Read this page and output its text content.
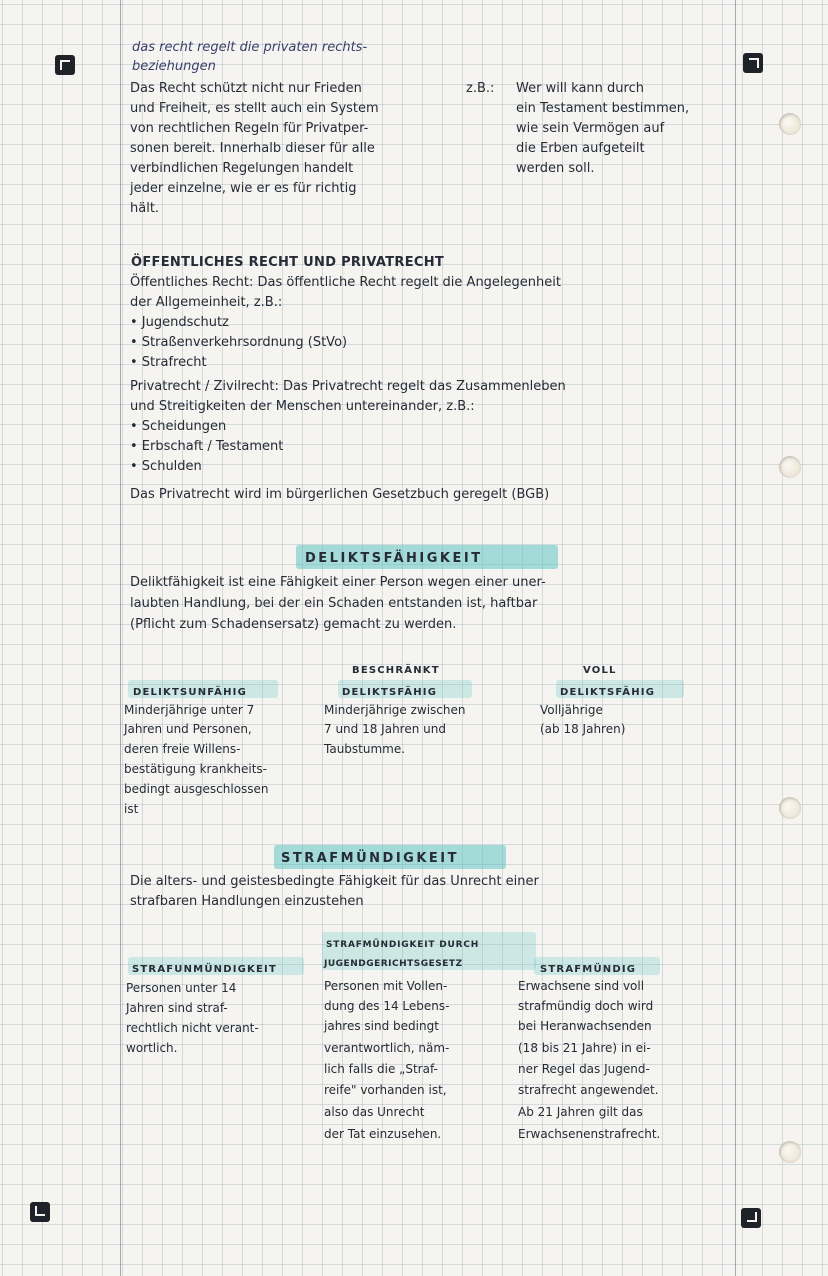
das recht regelt die privaten rechts-
beziehungen
Das Recht schützt nicht nur Frieden
und Freiheit, es stellt auch ein System
von rechtlichen Regeln für Privatper-
sonen bereit. Innerhalb dieser für alle
verbindlichen Regelungen handelt
jeder einzelne, wie er es für richtig
hält.
z.B.: Wer will kann durch
ein Testament bestimmen,
wie sein Vermögen auf
die Erben aufgeteilt
werden soll.
ÖFFENTLICHES RECHT UND PRIVATRECHT
Öffentliches Recht: Das öffentliche Recht regelt die Angelegenheit
der Allgemeinheit, z.B.:
• Jugendschutz
• Straßenverkehrsordnung (StVo)
• Strafrecht
Privatrecht / Zivilrecht: Das Privatrecht regelt das Zusammenleben
und Streitigkeiten der Menschen untereinander, z.B.:
• Scheidungen
• Erbschaft / Testament
• Schulden
Das Privatrecht wird im bürgerlichen Gesetzbuch geregelt (BGB)
DELIKTSFÄHIGKEIT
Deliktfähigkeit ist eine Fähigkeit einer Person wegen einer uner-
laubten Handlung, bei der ein Schaden entstanden ist, haftbar
(Pflicht zum Schadensersatz) gemacht zu werden.
DELIKTSUNFÄHIG
Minderjährige unter 7
Jahren und Personen,
deren freie Willens-
bestätigung krankheits-
bedingt ausgeschlossen
ist
BESCHRÄNKT
DELIKTSFÄHIG
Minderjährige zwischen
7 und 18 Jahren und
Taubstumme.
VOLL
DELIKTSFÄHIG
Volljährige
(ab 18 Jahren)
STRAFMÜNDIGKEIT
Die alters- und geistesbedingte Fähigkeit für das Unrecht einer
strafbaren Handlungen einzustehen
STRAFUNMÜNDIGKEIT
Personen unter 14
Jahren sind straf-
rechtlich nicht verant-
wortlich.
STRAFMÜNDIGKEIT DURCH
JUGENDGERICHTSGESETZ
Personen mit Vollen-
dung des 14 Lebens-
jahres sind bedingt
verantwortlich, näm-
lich falls die „Straf-
reife" vorhanden ist,
also das Unrecht
der Tat einzusehen.
STRAFMÜNDIG
Erwachsene sind voll
strafmündig doch wird
bei Heranwachsenden
(18 bis 21 Jahre) in ei-
ner Regel das Jugend-
strafrecht angewendet.
Ab 21 Jahren gilt das
Erwachsenenstrafrecht.
